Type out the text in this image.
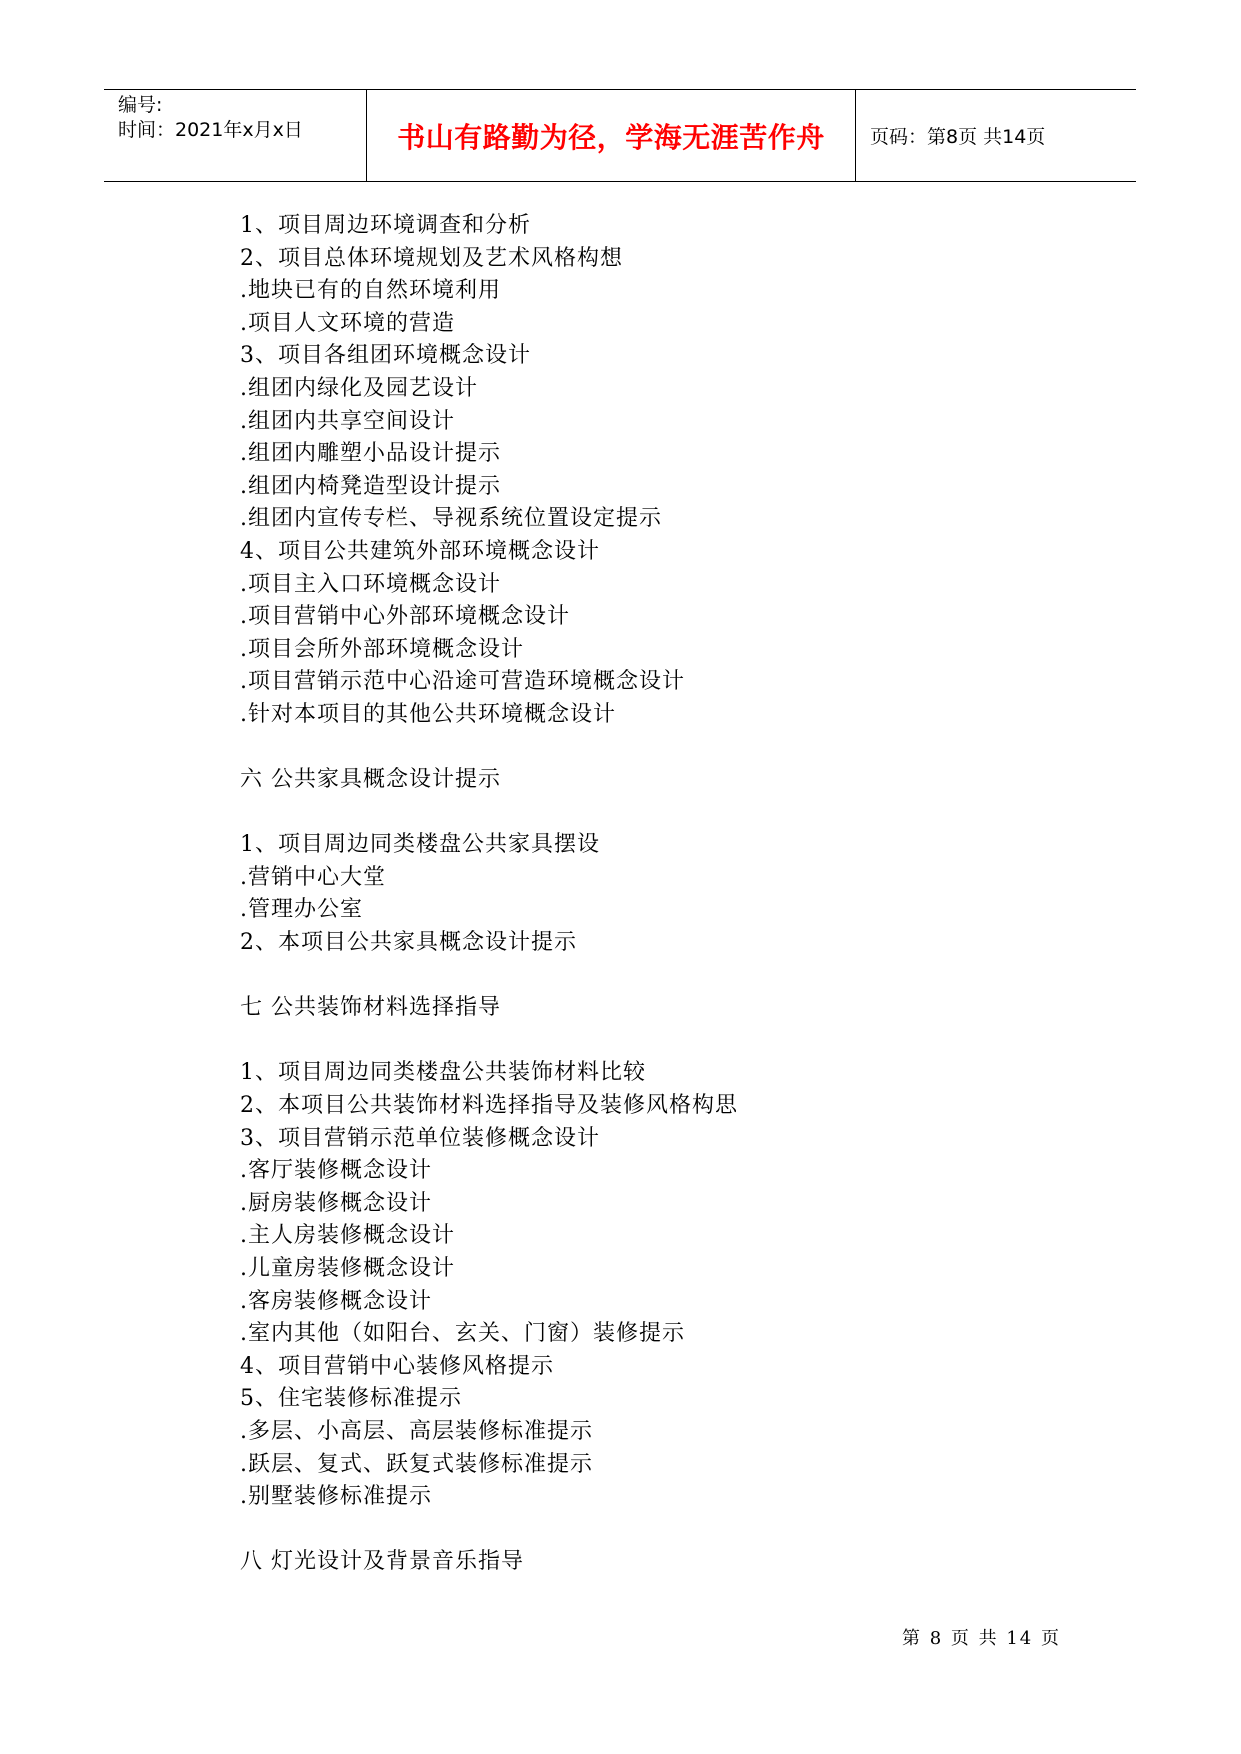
编号:
时间：2021年x月x日	书山有路勤为径，学海无涯苦作舟 页码：第8页 共14页
1、项目周边环境调查和分析
2、项目总体环境规划及艺术风格构想
.地块已有的自然环境利用
.项目人文环境的营造
3、项目各组团环境概念设计
.组团内绿化及园艺设计
.组团内共享空间设计
.组团内雕塑小品设计提示
.组团内椅凳造型设计提示
.组团内宣传专栏、导视系统位置设定提示
4、项目公共建筑外部环境概念设计
.项目主入口环境概念设计
.项目营销中心外部环境概念设计
.项目会所外部环境概念设计
.项目营销示范中心沿途可营造环境概念设计
.针对本项目的其他公共环境概念设计
六 公共家具概念设计提示
1、项目周边同类楼盘公共家具摆设
.营销中心大堂
.管理办公室
2、本项目公共家具概念设计提示
七 公共装饰材料选择指导
1、项目周边同类楼盘公共装饰材料比较
2、本项目公共装饰材料选择指导及装修风格构思
3、项目营销示范单位装修概念设计
.客厅装修概念设计
.厨房装修概念设计
.主人房装修概念设计
.儿童房装修概念设计
.客房装修概念设计
.室内其他（如阳台、玄关、门窗）装修提示
4、项目营销中心装修风格提示
5、住宅装修标准提示
.多层、小高层、高层装修标准提示
.跃层、复式、跃复式装修标准提示
.别墅装修标准提示
八 灯光设计及背景音乐指导
第 8 页 共 14 页
